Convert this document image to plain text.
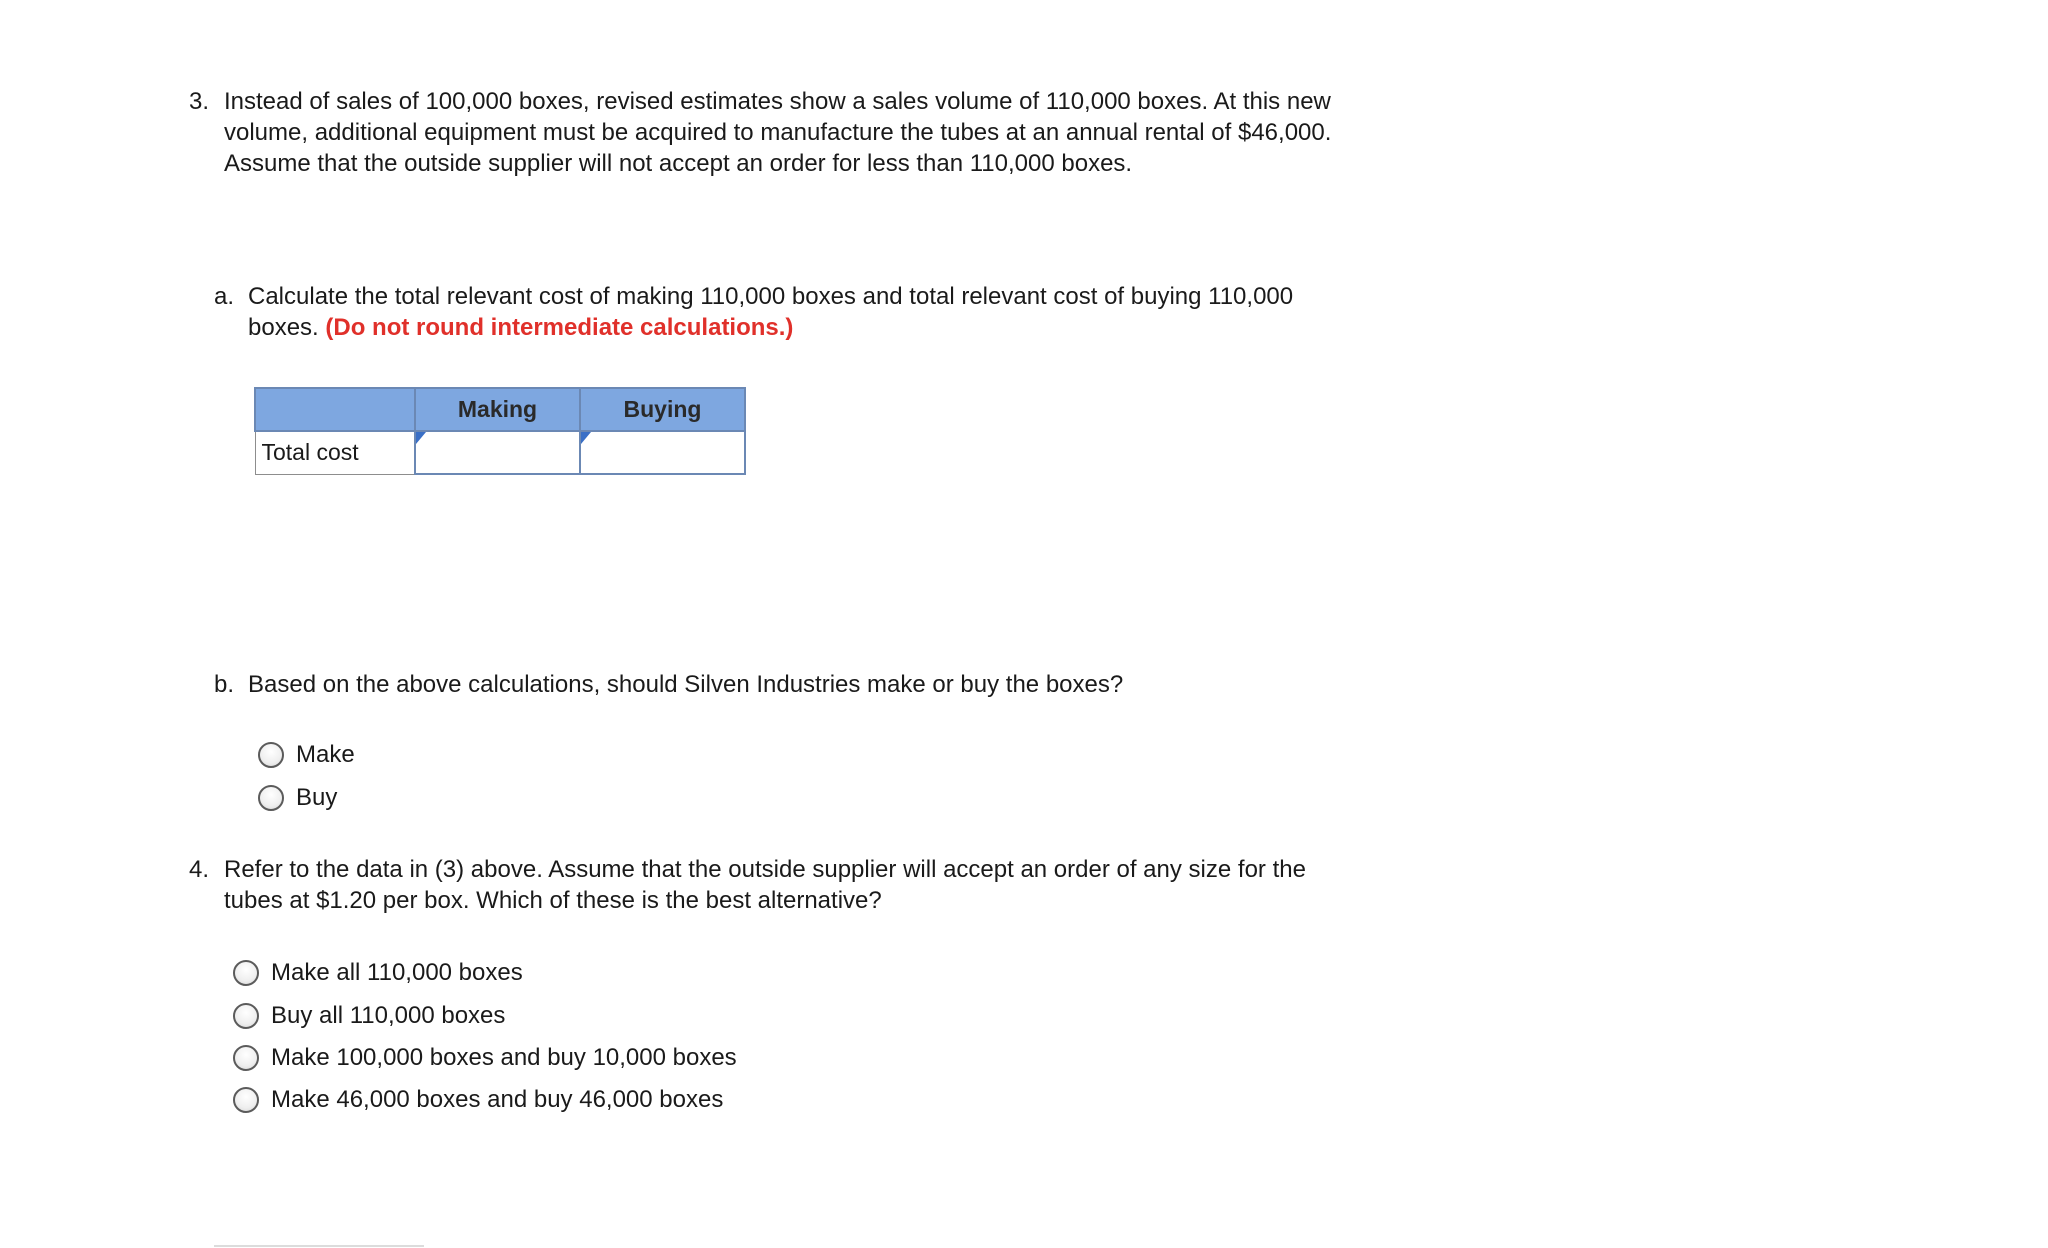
3. Instead of sales of 100,000 boxes, revised estimates show a sales volume of 110,000 boxes. At this new volume, additional equipment must be acquired to manufacture the tubes at an annual rental of $46,000. Assume that the outside supplier will not accept an order for less than 110,000 boxes.
a. Calculate the total relevant cost of making 110,000 boxes and total relevant cost of buying 110,000 boxes. (Do not round intermediate calculations.)
	Making	Buying
Total cost	

b. Based on the above calculations, should Silven Industries make or buy the boxes?
Make
Buy
4. Refer to the data in (3) above. Assume that the outside supplier will accept an order of any size for the tubes at $1.20 per box. Which of these is the best alternative?
Make all 110,000 boxes
Buy all 110,000 boxes
Make 100,000 boxes and buy 10,000 boxes
Make 46,000 boxes and buy 46,000 boxes
